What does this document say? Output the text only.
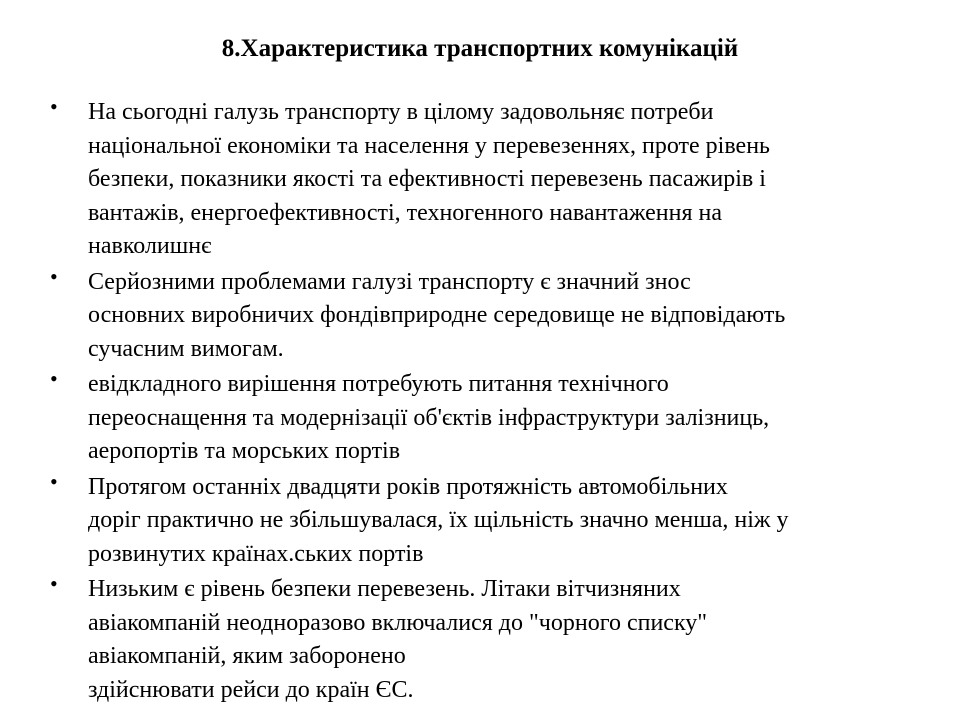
8.Характеристика транспортних комунікацій
• На сьогодні галузь транспорту в цілому задовольняє потреби
національної економіки та населення у перевезеннях, проте рівень
безпеки, показники якості та ефективності перевезень пасажирів і
вантажів, енергоефективності, техногенного навантаження на
навколишнє
• Серйозними проблемами галузі транспорту є значний знос
основних виробничих фондівприродне середовище не відповідають
сучасним вимогам.
• евідкладного вирішення потребують питання технічного
переоснащення та модернізації об'єктів інфраструктури залізниць,
аеропортів та морських портів
• Протягом останніх двадцяти років протяжність автомобільних
доріг практично не збільшувалася, їх щільність значно менша, ніж у
розвинутих країнах.ських портів
• Низьким є рівень безпеки перевезень. Літаки вітчизняних
авіакомпаній неодноразово включалися до "чорного списку"
авіакомпаній, яким заборонено
здійснювати рейси до країн ЄС.
